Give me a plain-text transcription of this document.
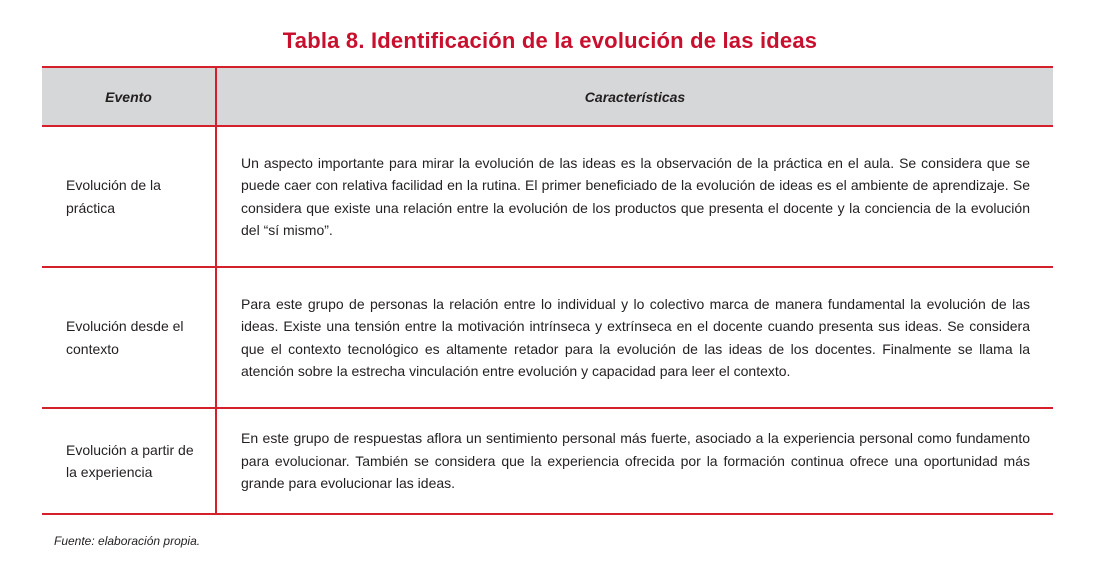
Tabla 8. Identificación de la evolución de las ideas
Evento	Características
Evolución de la práctica	Un aspecto importante para mirar la evolución de las ideas es la observación de la práctica en el aula. Se considera que se puede caer con relativa facilidad en la rutina. El primer beneficiado de la evolución de ideas es el ambiente de aprendizaje. Se considera que existe una relación entre la evolución de los productos que presenta el docente y la conciencia de la evolución del “sí mismo”.
Evolución desde el contexto	Para este grupo de personas la relación entre lo individual y lo colectivo marca de manera fundamental la evolución de las ideas. Existe una tensión entre la motivación intrínseca y extrínseca en el docente cuando presenta sus ideas. Se considera que el contexto tecnológico es altamente retador para la evolución de las ideas de los docentes. Finalmente se llama la atención sobre la estrecha vinculación entre evolución y capacidad para leer el contexto.
Evolución a partir de la experiencia	En este grupo de respuestas aflora un sentimiento personal más fuerte, asociado a la experiencia personal como fundamento para evolucionar. También se considera que la experiencia ofrecida por la formación continua ofrece una oportunidad más grande para evolucionar las ideas.
Fuente: elaboración propia.
